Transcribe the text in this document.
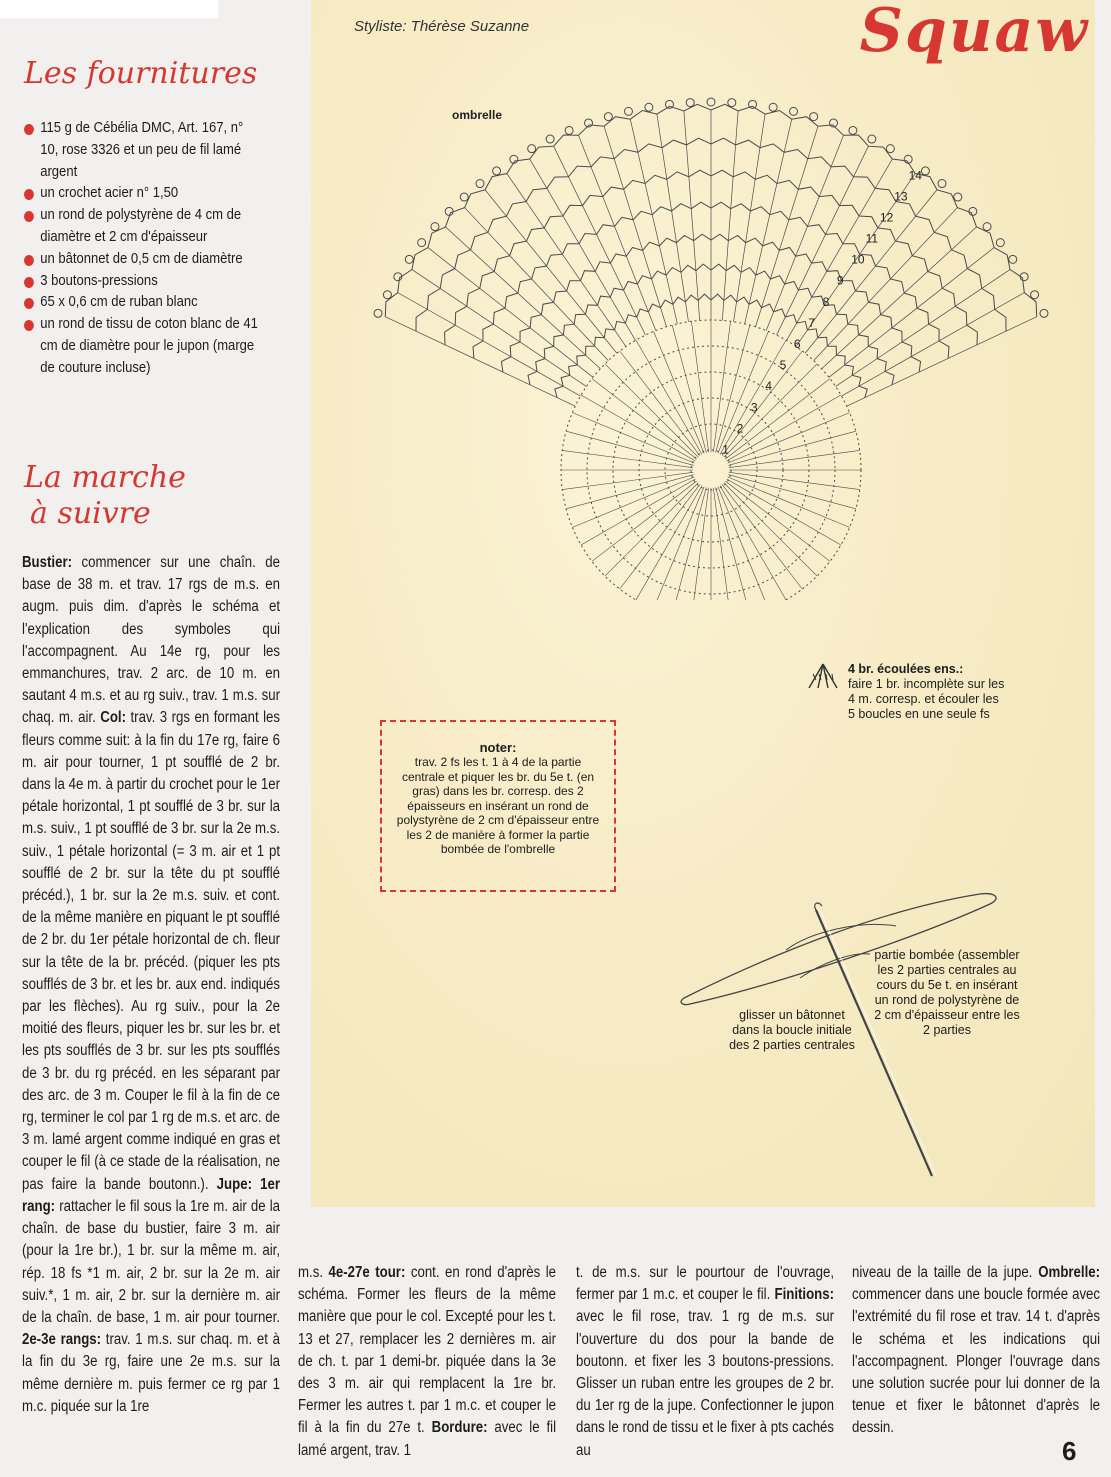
Les fournitures
115 g de Cébélia DMC, Art. 167, n° 10, rose 3326 et un peu de fil lamé argent
un crochet acier n° 1,50
un rond de polystyrène de 4 cm de diamètre et 2 cm d'épaisseur
un bâtonnet de 0,5 cm de diamètre
3 boutons-pressions
65 x 0,6 cm de ruban blanc
un rond de tissu de coton blanc de 41 cm de diamètre pour le jupon (marge de couture incluse)
La marche
à suivre
Bustier: commencer sur une chaîn. de base de 38 m. et trav. 17 rgs de m.s. en augm. puis dim. d'après le schéma et l'explication des symboles qui l'accompagnent. Au 14e rg, pour les emmanchures, trav. 2 arc. de 10 m. en sautant 4 m.s. et au rg suiv., trav. 1 m.s. sur chaq. m. air. Col: trav. 3 rgs en formant les fleurs comme suit: à la fin du 17e rg, faire 6 m. air pour tourner, 1 pt soufflé de 2 br. dans la 4e m. à partir du crochet pour le 1er pétale horizontal, 1 pt soufflé de 3 br. sur la m.s. suiv., 1 pt soufflé de 3 br. sur la 2e m.s. suiv., 1 pétale horizontal (= 3 m. air et 1 pt soufflé de 2 br. sur la tête du pt soufflé précéd.), 1 br. sur la 2e m.s. suiv. et cont. de la même manière en piquant le pt soufflé de 2 br. du 1er pétale horizontal de ch. fleur sur la tête de la br. précéd. (piquer les pts soufflés de 3 br. et les br. aux end. indiqués par les flèches). Au rg suiv., pour la 2e moitié des fleurs, piquer les br. sur les br. et les pts soufflés de 3 br. sur les pts soufflés de 3 br. du rg précéd. en les séparant par des arc. de 3 m. Couper le fil à la fin de ce rg, terminer le col par 1 rg de m.s. et arc. de 3 m. lamé argent comme indiqué en gras et couper le fil (à ce stade de la réalisation, ne pas faire la bande boutonn.). Jupe: 1er rang: rattacher le fil sous la 1re m. air de la chaîn. de base du bustier, faire 3 m. air (pour la 1re br.), 1 br. sur la même m. air, rép. 18 fs *1 m. air, 2 br. sur la 2e m. air suiv.*, 1 m. air, 2 br. sur la dernière m. air de la chaîn. de base, 1 m. air pour tourner. 2e-3e rangs: trav. 1 m.s. sur chaq. m. et à la fin du 3e rg, faire une 2e m.s. sur la même dernière m. puis fermer ce rg par 1 m.c. piquée sur la 1re
Styliste: Thérèse Suzanne	Squaw
1
2
3
4
5
6
7
8
9
10
11
12
13
14
ombrelle
4 br. écoulées ens.:
faire 1 br. incomplète sur les 4 m. corresp. et écouler les 5 boucles en une seule fs
noter:
trav. 2 fs les t. 1 à 4 de la partie centrale et piquer les br. du 5e t. (en gras) dans les br. corresp. des 2 épaisseurs en insérant un rond de polystyrène de 2 cm d'épaisseur entre les 2 de manière à former la partie bombée de l'ombrelle
partie bombée (assembler les 2 parties centrales au cours du 5e t. en insérant un rond de polystyrène de 2 cm d'épaisseur entre les 2 parties
glisser un bâtonnet dans la boucle initiale des 2 parties centrales
m.s. 4e-27e tour: cont. en rond d'après le schéma. Former les fleurs de la même manière que pour le col. Excepté pour les t. 13 et 27, remplacer les 2 dernières m. air de ch. t. par 1 demi-br. piquée dans la 3e des 3 m. air qui remplacent la 1re br. Fermer les autres t. par 1 m.c. et couper le fil à la fin du 27e t. Bordure: avec le fil lamé argent, trav. 1
t. de m.s. sur le pourtour de l'ouvrage, fermer par 1 m.c. et couper le fil. Finitions: avec le fil rose, trav. 1 rg de m.s. sur l'ouverture du dos pour la bande de boutonn. et fixer les 3 boutons-pressions. Glisser un ruban entre les groupes de 2 br. du 1er rg de la jupe. Confectionner le jupon dans le rond de tissu et le fixer à pts cachés au
niveau de la taille de la jupe. Ombrelle: commencer dans une boucle formée avec l'extrémité du fil rose et trav. 14 t. d'après le schéma et les indications qui l'accompagnent. Plonger l'ouvrage dans une solution sucrée pour lui donner de la tenue et fixer le bâtonnet d'après le dessin.
6
